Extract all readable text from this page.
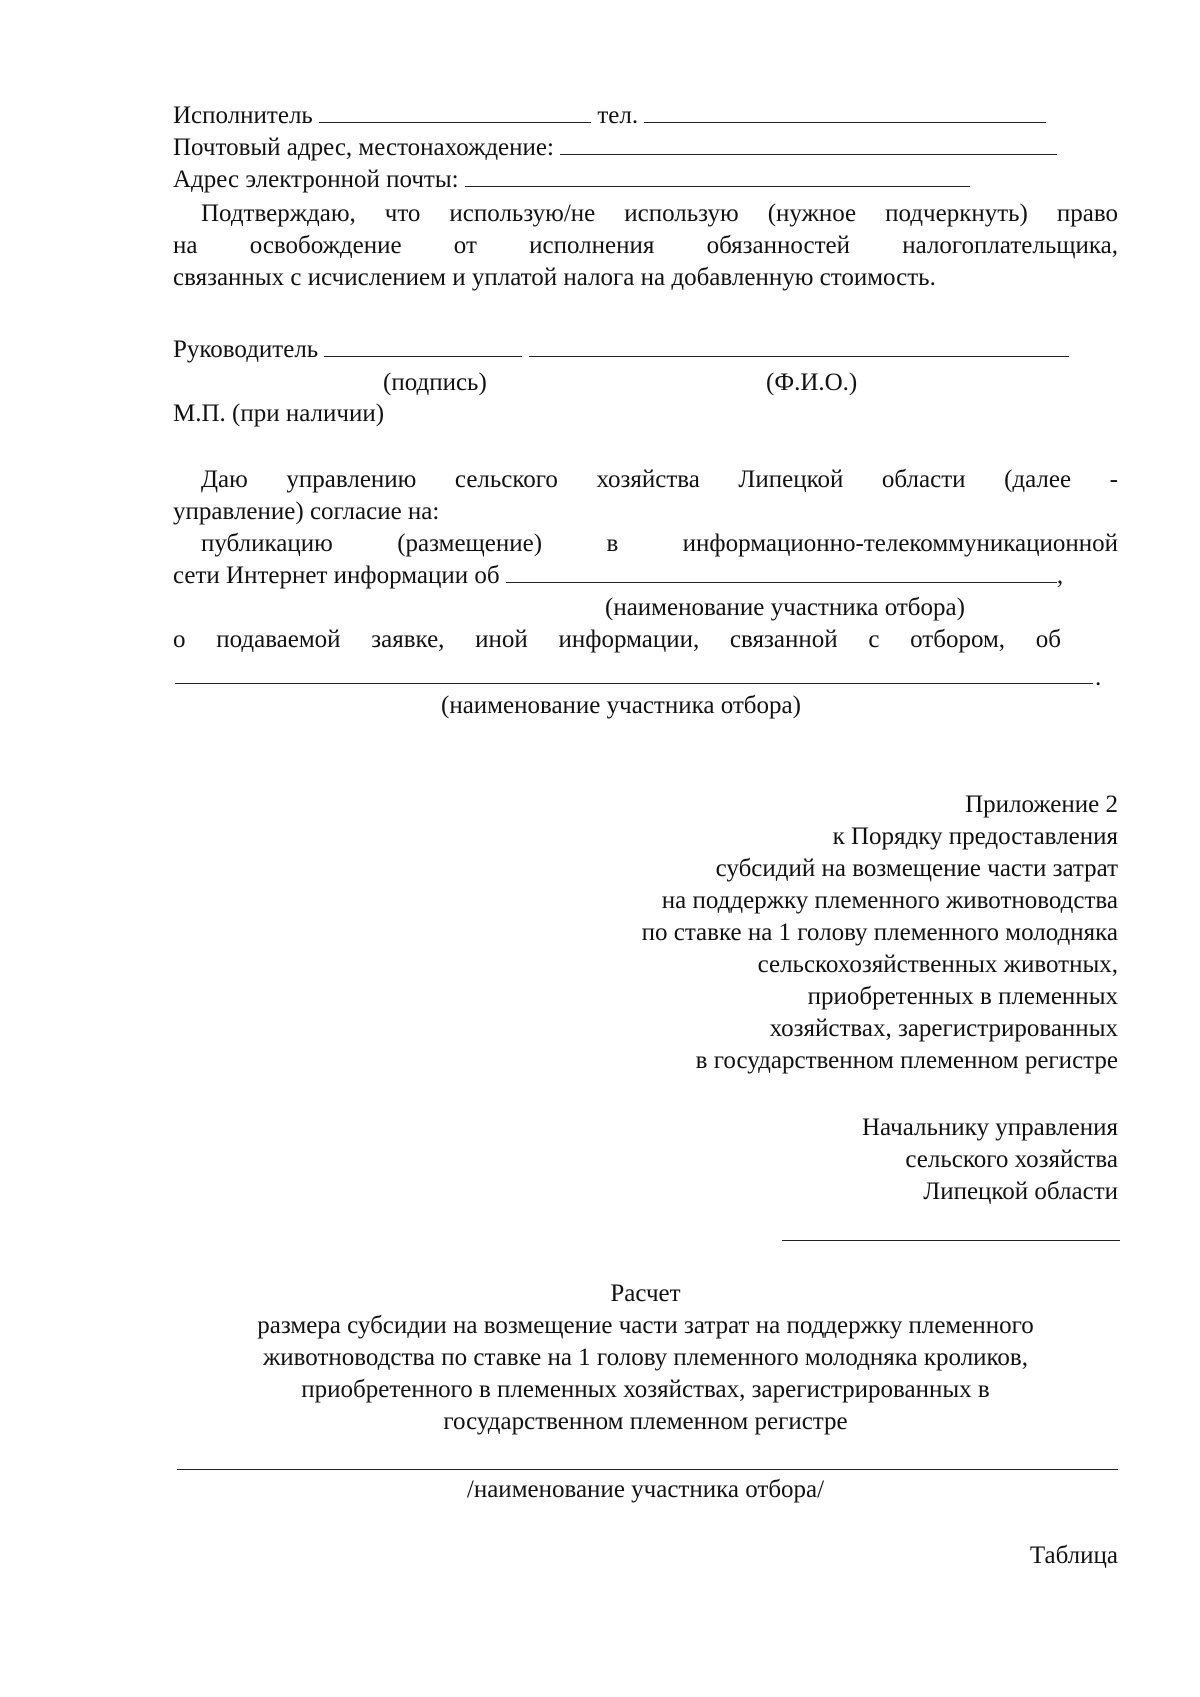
Исполнитель	тел.
Почтовый адрес, местонахождение:
Адрес электронной почты:
Подтверждаю, что использую/не использую (нужное подчеркнуть) право
на освобождение от исполнения обязанностей налогоплательщика,
связанных с исчислением и уплатой налога на добавленную стоимость.
Руководитель
(подпись)	(Ф.И.О.)
М.П. (при наличии)
Даю управлению сельского хозяйства Липецкой области (далее -
управление) согласие на:
публикацию (размещение) в информационно-телекоммуникационной
сети Интернет информации об	,
(наименование участника отбора)
о подаваемой заявке, иной информации, связанной с отбором, об
.
(наименование участника отбора)
Приложение 2
к Порядку предоставления
субсидий на возмещение части затрат
на поддержку племенного животноводства
по ставке на 1 голову племенного молодняка
сельскохозяйственных животных,
приобретенных в племенных
хозяйствах, зарегистрированных
в государственном племенном регистре
Начальнику управления
сельского хозяйства
Липецкой области
Расчет
размера субсидии на возмещение части затрат на поддержку племенного
животноводства по ставке на 1 голову племенного молодняка кроликов,
приобретенного в племенных хозяйствах, зарегистрированных в
государственном племенном регистре
/наименование участника отбора/
Таблица
